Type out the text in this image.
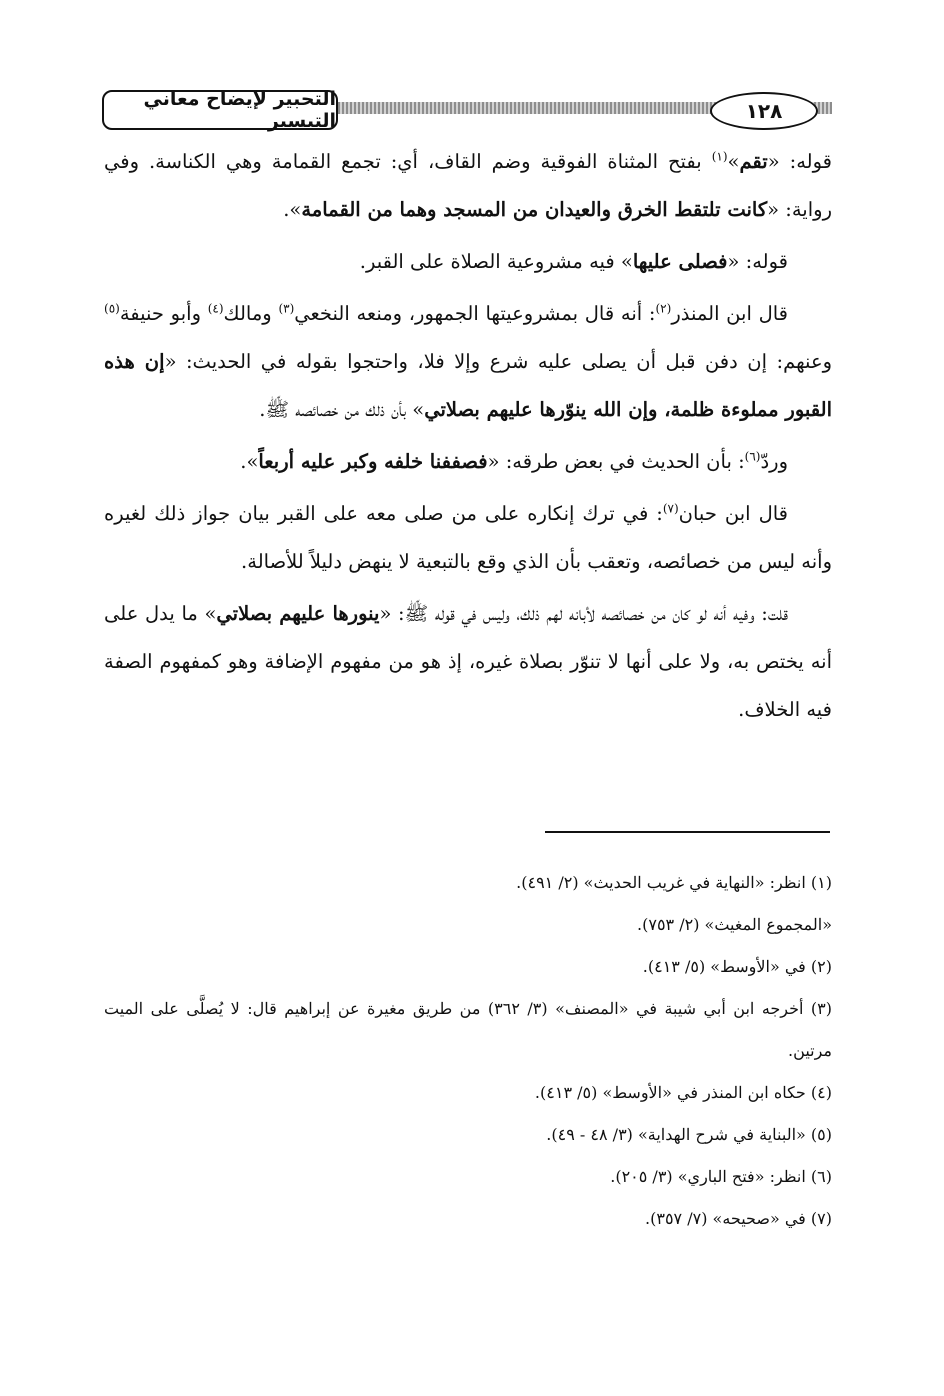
التحبير لإيضاح معاني التيسير	١٢٨

قوله: «تقم»$^{(١)}$ بفتح المثناة الفوقية وضم القاف، أي: تجمع القمامة وهي الكناسة. وفي رواية: «كانت تلتقط الخرق والعيدان من المسجد وهما من القمامة».

قوله: «فصلى عليها» فيه مشروعية الصلاة على القبر.

قال ابن المنذر$^{(٢)}$: أنه قال بمشروعيتها الجمهور، ومنعه النخعي$^{(٣)}$ ومالك$^{(٤)}$ وأبو حنيفة$^{(٥)}$ وعنهم: إن دفن قبل أن يصلى عليه شرع وإلا فلا، واحتجوا بقوله في الحديث: «إن هذه القبور مملوءة ظلمة، وإن الله ينوّرها عليهم بصلاتي» بأن ذلك من خصائصه ﷺ.

وردّ$^{(٦)}$: بأن الحديث في بعض طرقه: «فصففنا خلفه وكبر عليه أربعاً».

قال ابن حبان$^{(٧)}$: في ترك إنكاره على من صلى معه على القبر بيان جواز ذلك لغيره وأنه ليس من خصائصه، وتعقب بأن الذي وقع بالتبعية لا ينهض دليلاً للأصالة.

قلت: وفيه أنه لو كان من خصائصه لأبانه لهم ذلك، وليس في قوله ﷺ: «ينورها عليهم بصلاتي» ما يدل على أنه يختص به، ولا على أنها لا تنوّر بصلاة غيره، إذ هو من مفهوم الإضافة وهو كمفهوم الصفة فيه الخلاف.

(١) انظر: «النهاية في غريب الحديث» (٢/ ٤٩١).

«المجموع المغيث» (٢/ ٧٥٣).

(٢) في «الأوسط» (٥/ ٤١٣).

(٣) أخرجه ابن أبي شيبة في «المصنف» (٣/ ٣٦٢) من طريق مغيرة عن إبراهيم قال: لا يُصلَّى على الميت مرتين.

(٤) حكاه ابن المنذر في «الأوسط» (٥/ ٤١٣).

(٥) «البناية في شرح الهداية» (٣/ ٤٨ - ٤٩).

(٦) انظر: «فتح الباري» (٣/ ٢٠٥).

(٧) في «صحيحه» (٧/ ٣٥٧).
